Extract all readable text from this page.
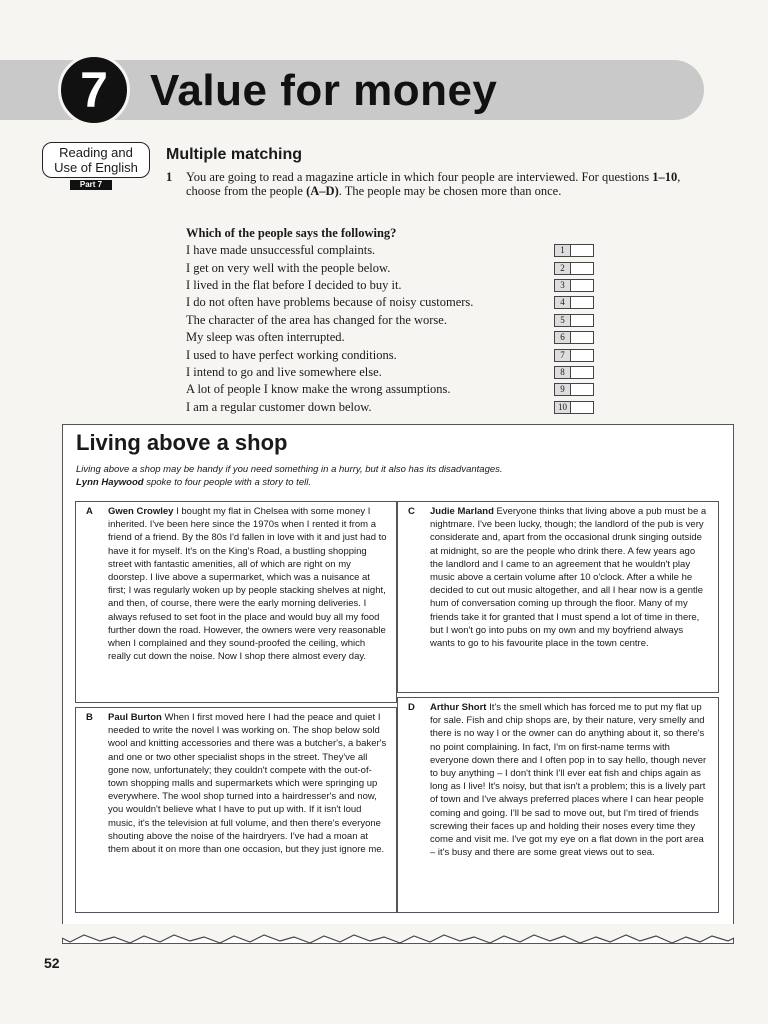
7 Value for money
Reading and
Use of English
Part 7
Multiple matching
1 You are going to read a magazine article in which four people are interviewed. For questions 1–10, choose from the people (A–D). The people may be chosen more than once.
Which of the people says the following?
I have made unsuccessful complaints.	1
I get on very well with the people below.	2
I lived in the flat before I decided to buy it.	3
I do not often have problems because of noisy customers.	4
The character of the area has changed for the worse.	5
My sleep was often interrupted.	6
I used to have perfect working conditions.	7
I intend to go and live somewhere else.	8
A lot of people I know make the wrong assumptions.	9
I am a regular customer down below.	10
Living above a shop
Living above a shop may be handy if you need something in a hurry, but it also has its disadvantages.
Lynn Haywood spoke to four people with a story to tell.
A Gwen Crowley I bought my flat in Chelsea with some money I inherited. I've been here since the 1970s when I rented it from a friend of a friend. By the 80s I'd fallen in love with it and just had to have it for myself. It's on the King's Road, a bustling shopping street with fantastic amenities, all of which are right on my doorstep. I live above a supermarket, which was a nuisance at first; I was regularly woken up by people stacking shelves at night, and then, of course, there were the early morning deliveries. I always refused to set foot in the place and would buy all my food further down the road. However, the owners were very reasonable when I complained and they sound-proofed the ceiling, which really cut down the noise. Now I shop there almost every day.
B Paul Burton When I first moved here I had the peace and quiet I needed to write the novel I was working on. The shop below sold wool and knitting accessories and there was a butcher's, a baker's and one or two other specialist shops in the street. They've all gone now, unfortunately; they couldn't compete with the out-of-town shopping malls and supermarkets which were springing up everywhere. The wool shop turned into a hairdresser's and now, you wouldn't believe what I have to put up with. If it isn't loud music, it's the television at full volume, and then there's everyone shouting above the noise of the hairdryers. I've had a moan at them about it on more than one occasion, but they just ignore me.
C Judie Marland Everyone thinks that living above a pub must be a nightmare. I've been lucky, though; the landlord of the pub is very considerate and, apart from the occasional drunk singing outside at midnight, so are the people who drink there. A few years ago the landlord and I came to an agreement that he wouldn't play music above a certain volume after 10 o'clock. After a while he decided to cut out music altogether, and all I hear now is a gentle hum of conversation coming up through the floor. Many of my friends take it for granted that I must spend a lot of time in there, but I won't go into pubs on my own and my boyfriend always wants to go to his favourite place in the town centre.
D Arthur Short It's the smell which has forced me to put my flat up for sale. Fish and chip shops are, by their nature, very smelly and there is no way I or the owner can do anything about it, so there's no point complaining. In fact, I'm on first-name terms with everyone down there and I often pop in to say hello, though never to buy anything – I don't think I'll ever eat fish and chips again as long as I live! It's noisy, but that isn't a problem; this is a lively part of town and I've always preferred places where I can hear people coming and going. I'll be sad to move out, but I'm tired of friends screwing their faces up and holding their noses every time they come and visit me. I've got my eye on a flat down in the port area – it's busy and there are some great views out to sea.
52
